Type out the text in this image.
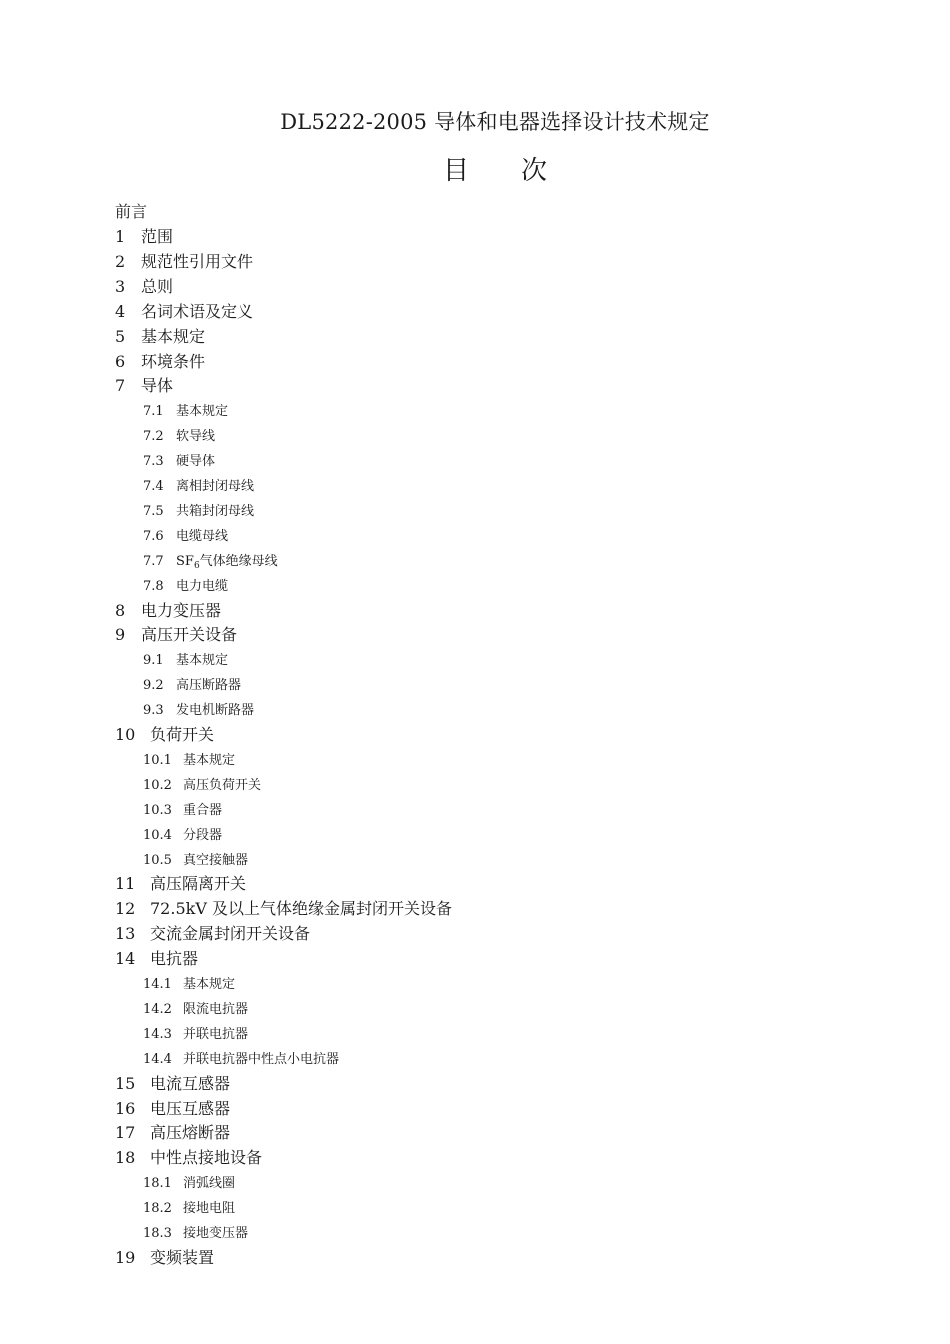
DL5222-2005 导体和电器选择设计技术规定
目 次
前言
1 范围
2 规范性引用文件
3 总则
4 名词术语及定义
5 基本规定
6 环境条件
7 导体
7.1 基本规定
7.2 软导线
7.3 硬导体
7.4 离相封闭母线
7.5 共箱封闭母线
7.6 电缆母线
7.7 $SF_6$气体绝缘母线
7.8 电力电缆
8 电力变压器
9 高压开关设备
9.1 基本规定
9.2 高压断路器
9.3 发电机断路器
10 负荷开关
10.1 基本规定
10.2 高压负荷开关
10.3 重合器
10.4 分段器
10.5 真空接触器
11 高压隔离开关
12 72.5kV 及以上气体绝缘金属封闭开关设备
13 交流金属封闭开关设备
14 电抗器
14.1 基本规定
14.2 限流电抗器
14.3 并联电抗器
14.4 并联电抗器中性点小电抗器
15 电流互感器
16 电压互感器
17 高压熔断器
18 中性点接地设备
18.1 消弧线圈
18.2 接地电阻
18.3 接地变压器
19 变频装置
